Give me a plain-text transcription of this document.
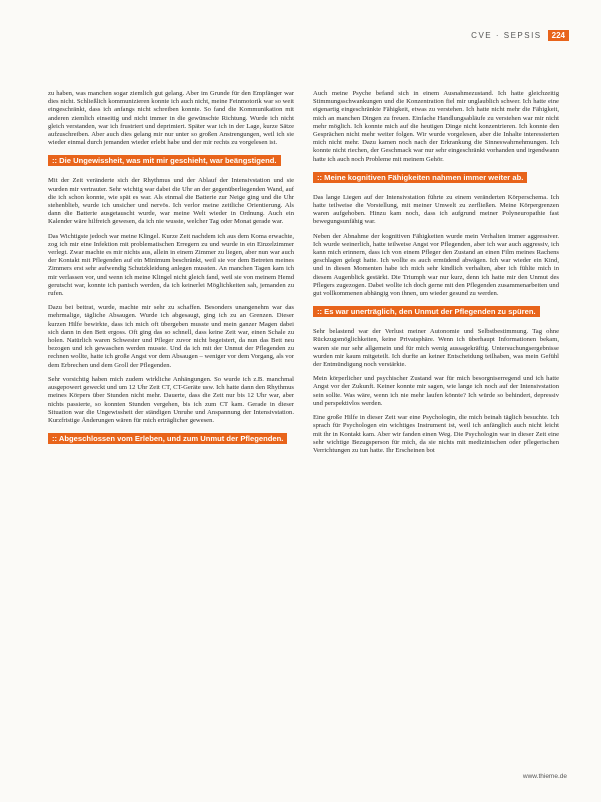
CVE · SEPSIS	224

zu haben, was manchen sogar ziemlich gut gelang. Aber im Grunde für den Empfänger war dies nicht. Schließlich kommunizieren konnte ich auch nicht, meine Feinmotorik war so weit eingeschränkt, dass ich anfangs nicht schreiben konnte. So fand die Kommunikation mit anderen ziemlich einseitig und nicht immer in die gewünschte Richtung. Wurde ich nicht gleich verstanden, war ich frustriert und deprimiert. Später war ich in der Lage, kurze Sätze aufzuschreiben. Aber auch dies gelang mir nur unter so großen Anstrengungen, weil ich sie wieder einmal durch jemanden wieder erlebt habe und der mir rechts zu vorgelesen ist.

:: Die Ungewissheit, was mit mir geschieht, war beängstigend.

Mit der Zeit veränderte sich der Rhythmus und der Ablauf der Intensivstation und sie wurden mir vertrauter. Sehr wichtig war dabei die Uhr an der gegenüberliegenden Wand, auf die ich schon konnte, wie spät es war. Als einmal die Batterie zur Neige ging und die Uhr stehenblieb, wurde ich unsicher und nervös. Ich verlor meine zeitliche Orientierung. Als dann die Batterie ausgetauscht wurde, war meine Welt wieder in Ordnung. Auch ein Kalender wäre hilfreich gewesen, da ich nie wusste, welcher Tag oder Monat gerade war.

Das Wichtigste jedoch war meine Klingel. Kurze Zeit nachdem ich aus dem Koma erwachte, zog ich mir eine Infektion mit problematischen Erregern zu und wurde in ein Einzelzimmer verlegt. Zwar machte es mir nichts aus, allein in einem Zimmer zu liegen, aber nun war auch der Kontakt mit Pflegenden auf ein Minimum beschränkt, weil sie vor dem Betreten meines Zimmers erst sehr aufwendig Schutzkleidung anlegen mussten. An manchen Tagen kam ich mir verlassen vor, und wenn ich meine Klingel nicht gleich fand, weil sie von meinem Hemd gerutscht war, konnte ich panisch werden, da ich keinerlei Möglichkeiten sah, jemanden zu rufen.

Dazu bei beitrat, wurde, machte mir sehr zu schaffen. Besonders unangenehm war das mehrmalige, tägliche Absaugen. Wurde ich abgesaugt, ging ich zu an Grenzen. Dieser kurzen Hilfe bewirkte, dass ich mich oft übergeben musste und mein ganzer Magen dabei sich dann in den Bett ergoss. Oft ging das so schnell, dass keine Zeit war, einen Schale zu holen. Natürlich waren Schwester und Pfleger zuvor nicht begeistert, da nun das Bett neu bezogen und ich gewaschen werden musste. Und da ich mit der Unmut der Pflegenden zu rechnen wollte, hatte ich große Angst vor dem Absaugen – weniger vor dem Vorgang, als vor dem Erbrechen und dem Groll der Pflegenden.

Sehr vorsichtig haben mich zudem wirkliche Anhängungen. So wurde ich z.B. manchmal ausgepowert geweckt und um 12 Uhr Zeit CT, CT-Geräte usw. Ich hatte dann den Rhythmus meines Körpers über Stunden nicht mehr. Dauerte, dass die Zeit nur bis 12 Uhr war, aber nichts passierte, so konnten Stunden vergehen, bis ich zum CT kam. Gerade in dieser Situation war die Ungewissheit der ständigen Unruhe und Anspannung der Intensivstation. Kurzfristige Änderungen wären für mich erträglicher gewesen.

:: Abgeschlossen vom Erleben, und zum Unmut der Pflegenden.

Auch meine Psyche befand sich in einem Ausnahmezustand. Ich hatte gleichzeitig Stimmungsschwankungen und die Konzentration fiel mir unglaublich schwer. Ich hatte eine eigenartig eingeschränkte Fähigkeit, etwas zu verstehen. Ich hatte nicht mehr die Fähigkeit, mich an manchen Dingen zu freuen. Einfache Handlungsabläufe zu verstehen war mir nicht mehr möglich. Ich konnte mich auf die heutigen Dinge nicht konzentrieren. Ich konnte den Gesprächen nicht mehr weiter folgen. Wir wurde vorgelesen, aber die Inhalte interessierten mich nicht mehr. Dazu kamen noch nach der Erkrankung die Sinneswahrnehmungen. Ich konnte nicht riechen, der Geschmack war nur sehr eingeschränkt vorhanden und irgendwann hatte ich auch noch Probleme mit meinem Gehör.

:: Meine kognitiven Fähigkeiten nahmen immer weiter ab.

Das lange Liegen auf der Intensivstation führte zu einem veränderten Körperschema. Ich hatte teilweise die Vorstellung, mit meiner Umwelt zu zerfließen. Meine Körpergrenzen waren aufgehoben. Hinzu kam noch, dass ich aufgrund meiner Polyneuropathie fast bewegungsunfähig war.

Neben der Abnahme der kognitiven Fähigkeiten wurde mein Verhalten immer aggressiver. Ich wurde weinerlich, hatte teilweise Angst vor Pflegenden, aber ich war auch aggressiv, ich kann mich erinnern, dass ich von einem Pfleger den Zustand an einen Film meines Rachens geschlagen gelegt hatte. Ich wollte es auch ermüdend abwägen. Ich war wieder ein Kind, und in diesen Momenten habe ich mich sehr kindlich verhalten, aber ich fühlte mich in diesem Augenblick gestärkt. Die Triumph war nur kurz, denn ich hatte mir den Unmut des Pflegers zugezogen. Dabei wollte ich doch gerne mit den Pflegenden zusammenarbeiten und gut vollkommenen abhängig von ihnen, um wieder gesund zu werden.

:: Es war unerträglich, den Unmut der Pflegenden zu spüren.

Sehr belastend war der Verlust meiner Autonomie und Selbstbestimmung. Tag ohne Rückzugsmöglichkeiten, keine Privatsphäre. Wenn ich überhaupt Informationen bekam, waren sie nur sehr allgemein und für mich wenig aussagekräftig. Untersuchungsergebnisse wurden mir kaum mitgeteilt. Ich durfte an keiner Entscheidung teilhaben, was mein Gefühl der Entmündigung noch verstärkte.

Mein körperlicher und psychischer Zustand war für mich besorgniserregend und ich hatte Angst vor der Zukunft. Keiner konnte mir sagen, wie lange ich noch auf der Intensivstation sein sollte. Was wäre, wenn ich nie mehr laufen könnte? Ich würde so behindert, depressiv und perspektivlos werden.

Eine große Hilfe in dieser Zeit war eine Psychologin, die mich beinah täglich besuchte. Ich sprach für Psychologen ein wichtiges Instrument ist, weil ich anfänglich auch nicht leicht mit ihr in Kontakt kam. Aber wir fanden einen Weg. Die Psychologin war in dieser Zeit eine sehr wichtige Bezugsperson für mich, da sie nichts mit medizinischen oder pflegerischen Verrichtungen zu tun hatte. Ihr Erscheinen bot

www.thieme.de
